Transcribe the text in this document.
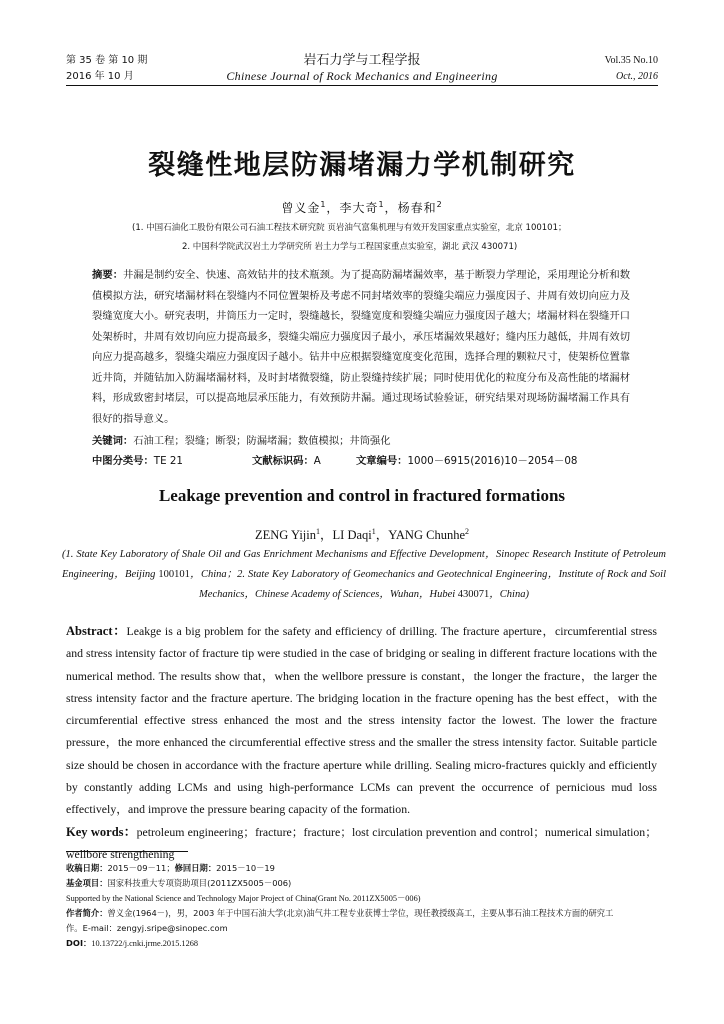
第 35 卷 第 10 期	岩石力学与工程学报	Vol.35 No.10
2016 年 10 月	Chinese Journal of Rock Mechanics and Engineering	Oct., 2016
裂缝性地层防漏堵漏力学机制研究
曾义金$^1$，李大奇$^1$，杨春和$^2$
(1. 中国石油化工股份有限公司石油工程技术研究院 页岩油气富集机理与有效开发国家重点实验室，北京 100101；
2. 中国科学院武汉岩土力学研究所 岩土力学与工程国家重点实验室，湖北 武汉 430071)
摘要：井漏是制约安全、快速、高效钻井的技术瓶颈。为了提高防漏堵漏效率，基于断裂力学理论，采用理论分析和数值模拟方法，研究堵漏材料在裂缝内不同位置架桥及考虑不同封堵效率的裂缝尖端应力强度因子、井周有效切向应力及裂缝宽度大小。研究表明，井筒压力一定时，裂缝越长，裂缝宽度和裂缝尖端应力强度因子越大；堵漏材料在裂缝开口处架桥时，井周有效切向应力提高最多，裂缝尖端应力强度因子最小，承压堵漏效果越好；缝内压力越低，井周有效切向应力提高越多，裂缝尖端应力强度因子越小。钻井中应根据裂缝宽度变化范围，选择合理的颗粒尺寸，使架桥位置靠近井筒，并随钻加入防漏堵漏材料，及时封堵微裂缝，防止裂缝持续扩展；同时使用优化的粒度分布及高性能的堵漏材料，形成致密封堵层，可以提高地层承压能力，有效预防井漏。通过现场试验验证，研究结果对现场防漏堵漏工作具有很好的指导意义。
关键词：石油工程；裂缝；断裂；防漏堵漏；数值模拟；井筒强化
中图分类号：TE 21	文献标识码：A	文章编号：1000－6915(2016)10－2054－08
Leakage prevention and control in fractured formations
ZENG Yijin$^1$，LI Daqi$^1$，YANG Chunhe$^2$
(1. State Key Laboratory of Shale Oil and Gas Enrichment Mechanisms and Effective Development，Sinopec Research Institute of Petroleum Engineering，Beijing 100101，China；2. State Key Laboratory of Geomechanics and Geotechnical Engineering，Institute of Rock and Soil Mechanics，Chinese Academy of Sciences，Wuhan，Hubei 430071，China)
Abstract：Leakge is a big problem for the safety and efficiency of drilling. The fracture aperture，circumferential stress and stress intensity factor of fracture tip were studied in the case of bridging or sealing in different fracture locations with the numerical method. The results show that，when the wellbore pressure is constant，the longer the fracture，the larger the stress intensity factor and the fracture aperture. The bridging location in the fracture opening has the best effect，with the circumferential effective stress enhanced the most and the stress intensity factor the lowest. The lower the fracture pressure，the more enhanced the circumferential effective stress and the smaller the stress intensity factor. Suitable particle size should be chosen in accordance with the fracture aperture while drilling. Sealing micro-fractures quickly and efficiently by constantly adding LCMs and using high-performance LCMs can prevent the occurrence of pernicious mud loss effectively，and improve the pressure bearing capacity of the formation.
Key words：petroleum engineering；fracture；fracture；lost circulation prevention and control；numerical simulation；wellbore strengthening
收稿日期：2015－09－11；修回日期：2015－10－19
基金项目：国家科技重大专项资助项目(2011ZX5005－006)
Supported by the National Science and Technology Major Project of China(Grant No. 2011ZX5005－006)
作者简介：曾义金(1964－)，男，2003 年于中国石油大学(北京)油气井工程专业获博士学位，现任教授级高工，主要从事石油工程技术方面的研究工
作。E-mail：zengyj.sripe@sinopec.com
DOI：10.13722/j.cnki.jrme.2015.1268
